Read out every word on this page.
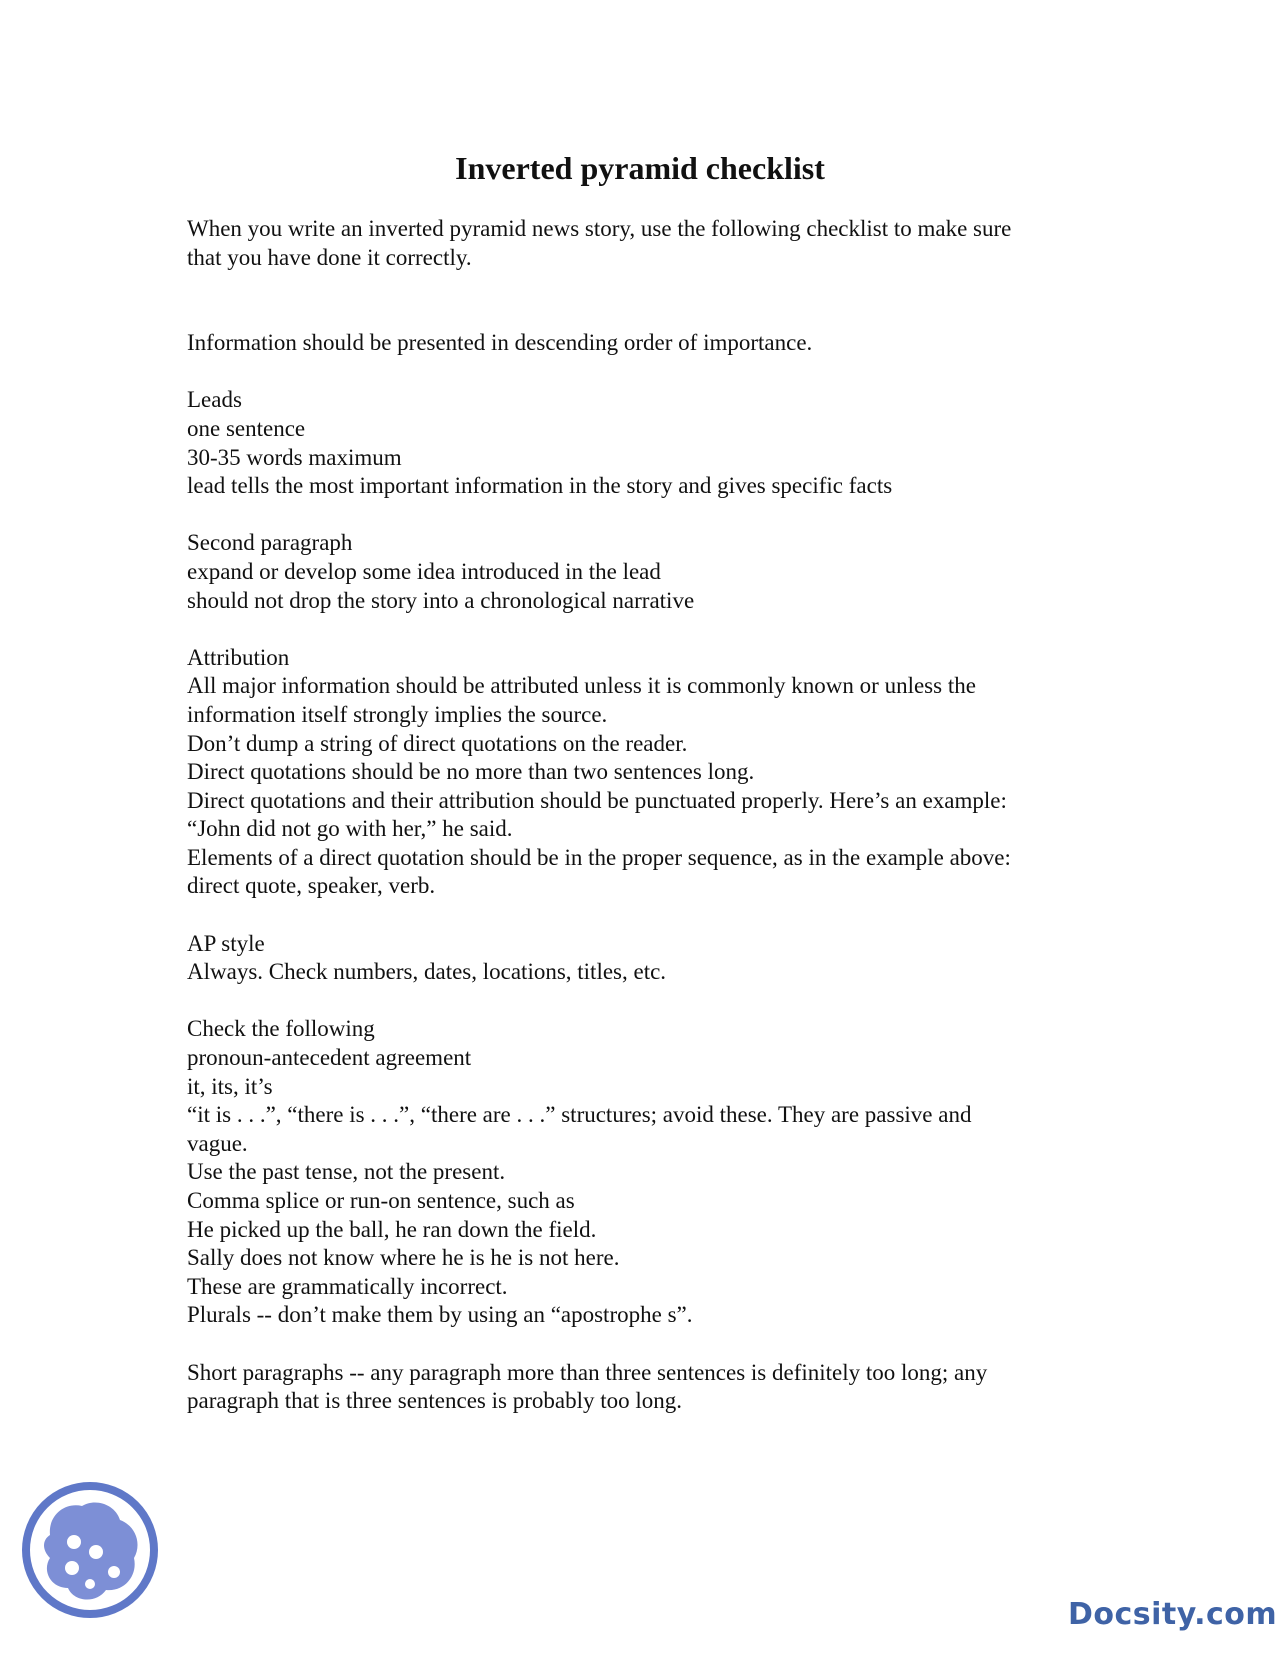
Inverted pyramid checklist
When you write an inverted pyramid news story, use the following checklist to make sure
that you have done it correctly.
Information should be presented in descending order of importance.
Leads
one sentence
30-35 words maximum
lead tells the most important information in the story and gives specific facts
Second paragraph
expand or develop some idea introduced in the lead
should not drop the story into a chronological narrative
Attribution
All major information should be attributed unless it is commonly known or unless the
information itself strongly implies the source.
Don’t dump a string of direct quotations on the reader.
Direct quotations should be no more than two sentences long.
Direct quotations and their attribution should be punctuated properly. Here’s an example:
“John did not go with her,” he said.
Elements of a direct quotation should be in the proper sequence, as in the example above:
direct quote, speaker, verb.
AP style
Always. Check numbers, dates, locations, titles, etc.
Check the following
pronoun-antecedent agreement
it, its, it’s
“it is . . .”, “there is . . .”, “there are . . .” structures; avoid these. They are passive and
vague.
Use the past tense, not the present.
Comma splice or run-on sentence, such as
He picked up the ball, he ran down the field.
Sally does not know where he is he is not here.
These are grammatically incorrect.
Plurals -- don’t make them by using an “apostrophe s”.
Short paragraphs -- any paragraph more than three sentences is definitely too long; any
paragraph that is three sentences is probably too long.
Docsity.com
